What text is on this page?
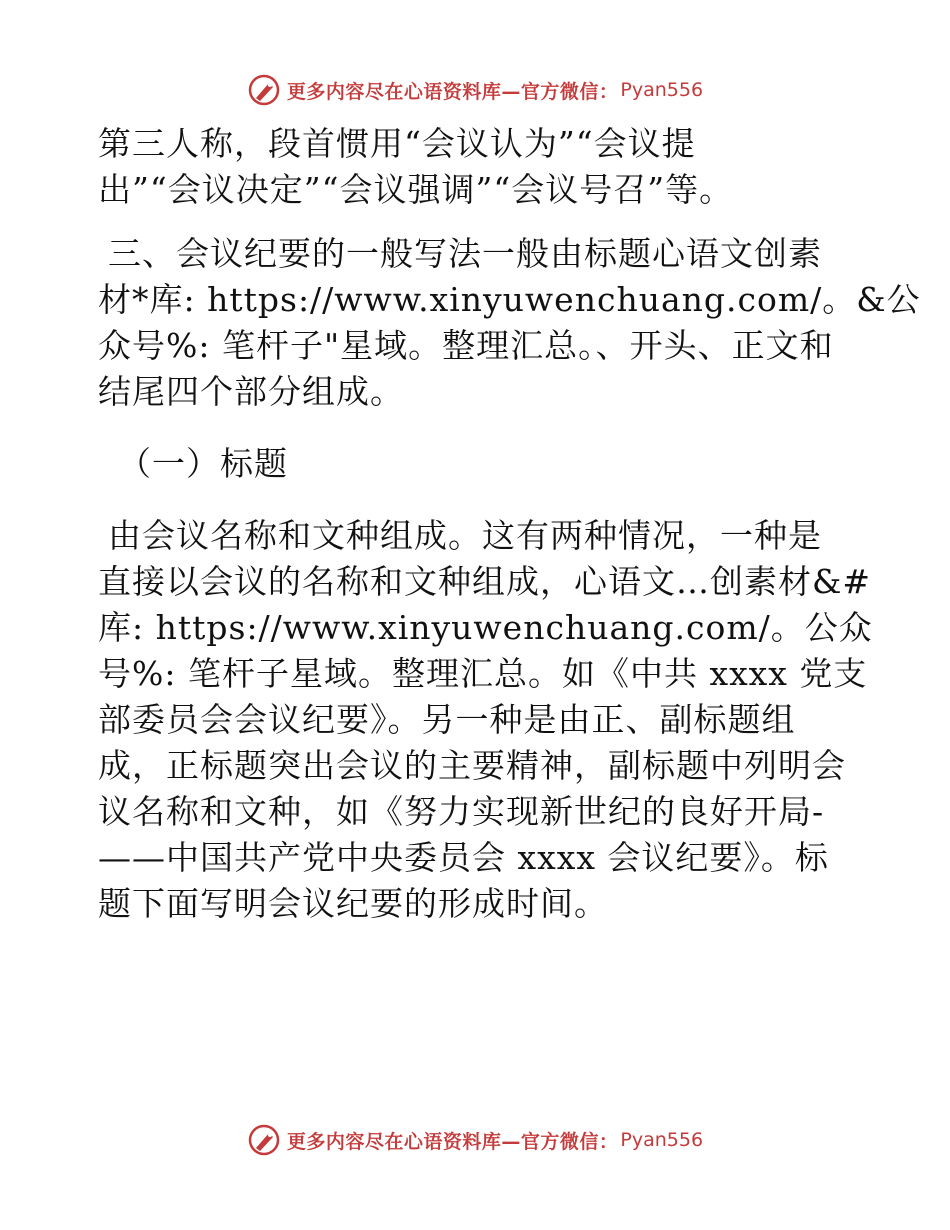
更多内容尽在心语资料库—官方微信： Pyan556
第三人称，段首惯用“会议认为”“会议提
出”“会议决定”“会议强调”“会议号召”等。
三、会议纪要的一般写法一般由标题心语文创素
材*库: https://www.xinyuwenchuang.com/。&公
众号%: 笔杆子"星域。整理汇总。、开头、正文和
结尾四个部分组成。
（一）标题
由会议名称和文种组成。这有两种情况，一种是
直接以会议的名称和文种组成，心语文…创素材&#
库: https://www.xinyuwenchuang.com/。公众
号%: 笔杆子星域。整理汇总。如《中共 xxxx 党支
部委员会会议纪要》。另一种是由正、副标题组
成，正标题突出会议的主要精神，副标题中列明会
议名称和文种，如《努力实现新世纪的良好开局-
——中国共产党中央委员会 xxxx 会议纪要》。标
题下面写明会议纪要的形成时间。
更多内容尽在心语资料库—官方微信： Pyan556
